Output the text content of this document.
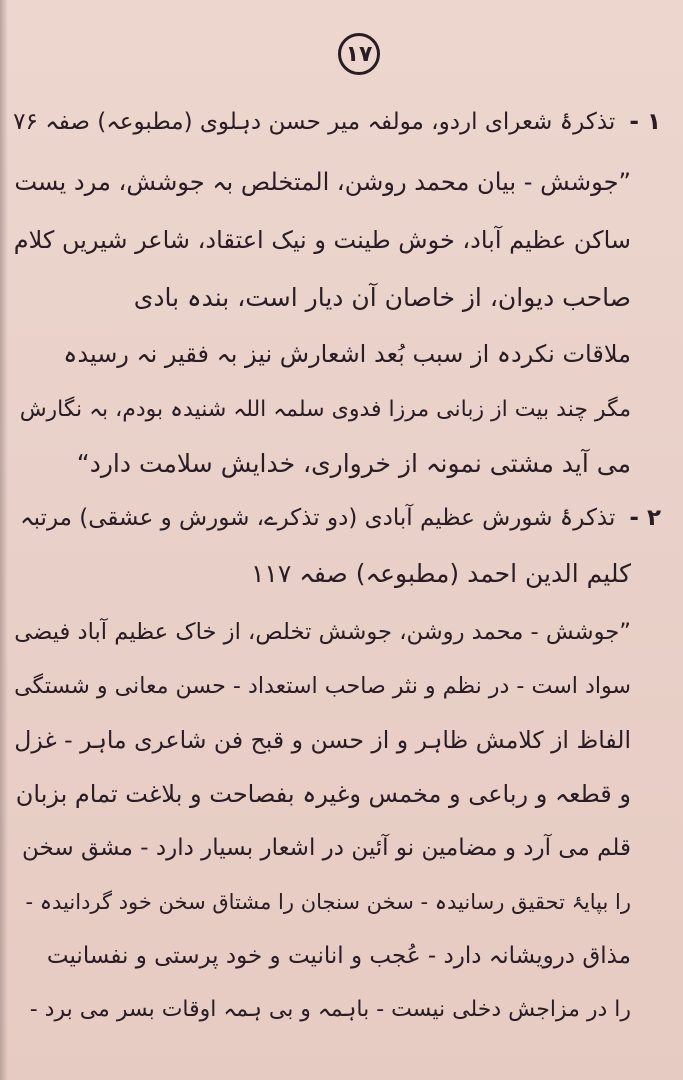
١٧
۱ -تذکرۂ شعرای اردو، مولفہ میر حسن دہلوی (مطبوعہ) صفہ ۷۶
”جوشش - بیان محمد روشن، المتخلص بہ جوشش، مرد یست
ساکن عظیم آباد، خوش طینت و نیک اعتقاد، شاعر شیریں کلام
صاحب دیوان، از خاصان آن دیار است، بندہ بادی
ملاقات نکردہ از سبب بُعد اشعارش نیز بہ فقیر نہ رسیدہ
مگر چند بیت از زبانی مرزا فدوی سلمہ اللہ شنیدہ بودم، بہ نگارش
می آید مشتی نمونہ از خرواری، خدایش سلامت دارد“
۲ -تذکرۂ شورش عظیم آبادی (دو تذکرے، شورش و عشقی) مرتبہ
کلیم الدین احمد (مطبوعہ) صفہ ۱۱۷
”جوشش - محمد روشن، جوشش تخلص، از خاک عظیم آباد فیضی
سواد است - در نظم و نثر صاحب استعداد - حسن معانی و شستگی
الفاظ از کلامش ظاہر و از حسن و قبح فن شاعری ماہر - غزل
و قطعہ و رباعی و مخمس وغیرہ بفصاحت و بلاغت تمام بزبان
قلم می آرد و مضامین نو آئین در اشعار بسیار دارد - مشق سخن
را بپایۂ تحقیق رسانیدہ - سخن سنجان را مشتاق سخن خود گردانیدہ -
مذاق درویشانہ دارد - عُجب و انانیت و خود پرستی و نفسانیت
را در مزاجش دخلی نیست - باہمہ و بی ہمہ اوقات بسر می برد -
